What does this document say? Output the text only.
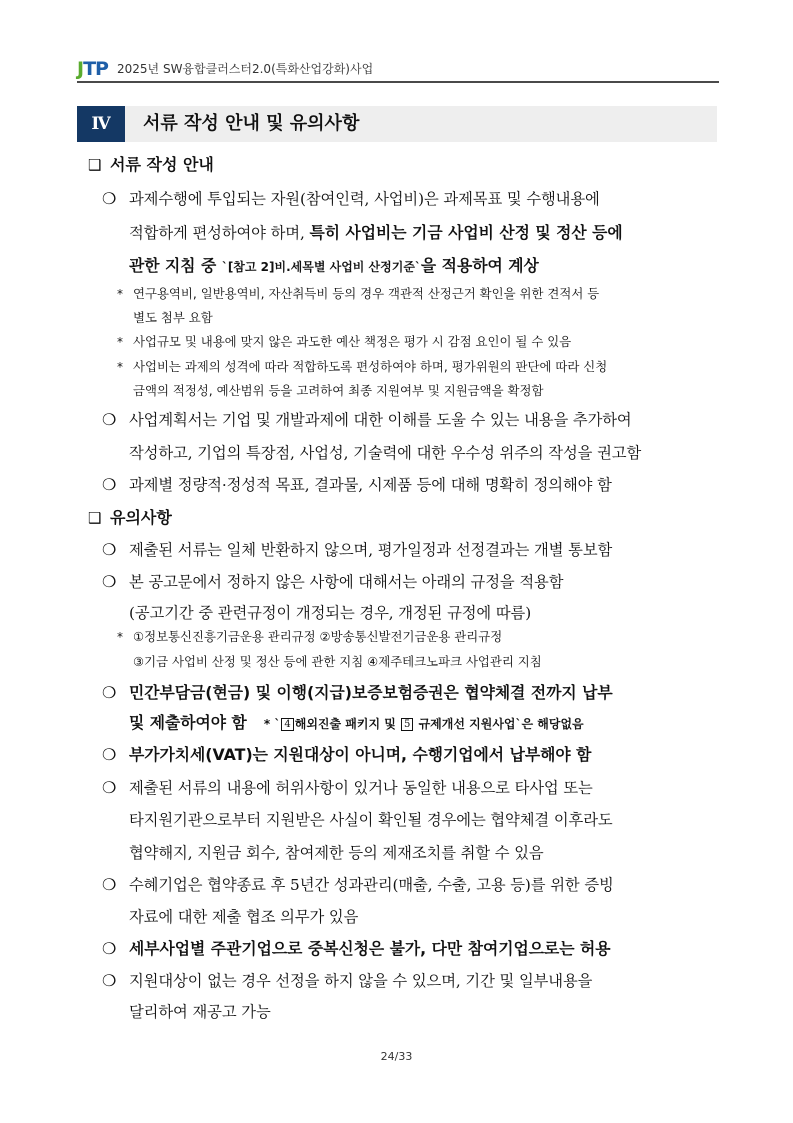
JTP 2025년 SW융합클러스터2.0(특화산업강화)사업
Ⅳ	서류 작성 안내 및 유의사항
❑ 서류 작성 안내
❍ 과제수행에 투입되는 자원(참여인력, 사업비)은 과제목표 및 수행내용에
적합하게 편성하여야 하며, 특히 사업비는 기금 사업비 산정 및 정산 등에
관한 지침 중 `[참고 2]비.세목별 사업비 산정기준`을 적용하여 계상
* 연구용역비, 일반용역비, 자산취득비 등의 경우 객관적 산정근거 확인을 위한 견적서 등
별도 첨부 요함
* 사업규모 및 내용에 맞지 않은 과도한 예산 책정은 평가 시 감점 요인이 될 수 있음
* 사업비는 과제의 성격에 따라 적합하도록 편성하여야 하며, 평가위원의 판단에 따라 신청
금액의 적정성, 예산범위 등을 고려하여 최종 지원여부 및 지원금액을 확정함
❍ 사업계획서는 기업 및 개발과제에 대한 이해를 도울 수 있는 내용을 추가하여
작성하고, 기업의 특장점, 사업성, 기술력에 대한 우수성 위주의 작성을 권고함
❍ 과제별 정량적·정성적 목표, 결과물, 시제품 등에 대해 명확히 정의해야 함
❑ 유의사항
❍ 제출된 서류는 일체 반환하지 않으며, 평가일정과 선정결과는 개별 통보함
❍ 본 공고문에서 정하지 않은 사항에 대해서는 아래의 규정을 적용함
(공고기간 중 관련규정이 개정되는 경우, 개정된 규정에 따름)
* ①정보통신진흥기금운용 관리규정 ②방송통신발전기금운용 관리규정
③기금 사업비 산정 및 정산 등에 관한 지침 ④제주테크노파크 사업관리 지침
❍ 민간부담금(현금) 및 이행(지급)보증보험증권은 협약체결 전까지 납부
및 제출하여야 함 * ` 4 해외진출 패키지 및 5 규제개선 지원사업`은 해당없음
❍ 부가가치세(VAT)는 지원대상이 아니며, 수행기업에서 납부해야 함
❍ 제출된 서류의 내용에 허위사항이 있거나 동일한 내용으로 타사업 또는
타지원기관으로부터 지원받은 사실이 확인될 경우에는 협약체결 이후라도
협약해지, 지원금 회수, 참여제한 등의 제재조치를 취할 수 있음
❍ 수혜기업은 협약종료 후 5년간 성과관리(매출, 수출, 고용 등)를 위한 증빙
자료에 대한 제출 협조 의무가 있음
❍ 세부사업별 주관기업으로 중복신청은 불가, 다만 참여기업으로는 허용
❍ 지원대상이 없는 경우 선정을 하지 않을 수 있으며, 기간 및 일부내용을
달리하여 재공고 가능
24/33
